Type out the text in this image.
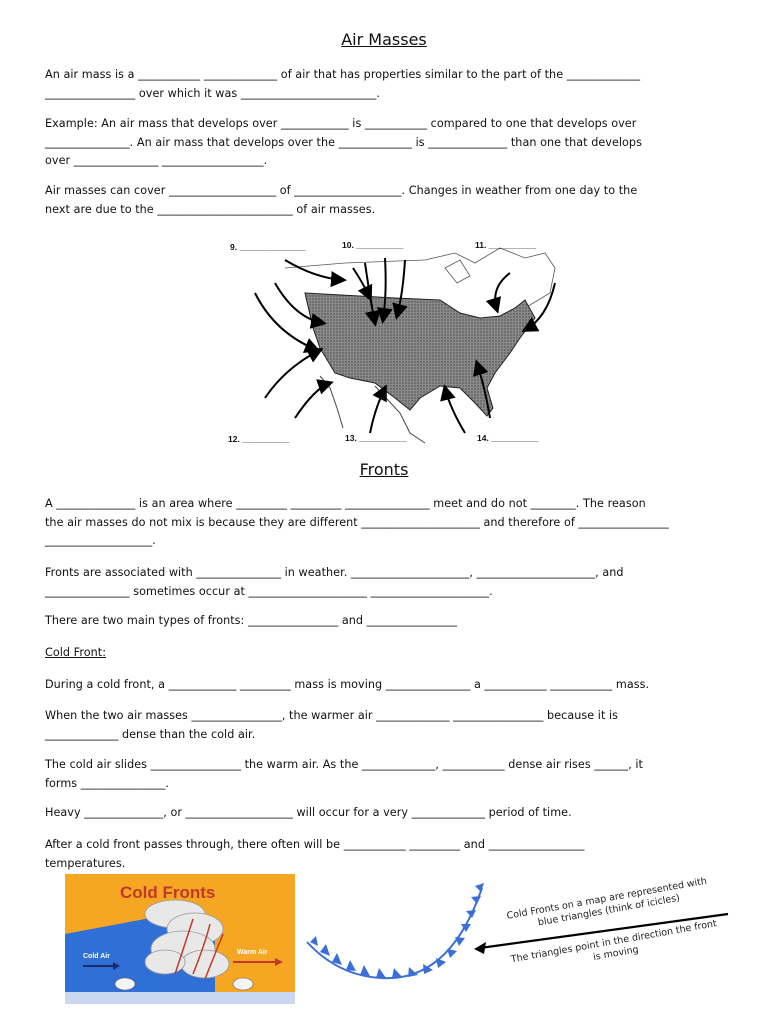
Air Masses
An air mass is a ___________ _____________ of air that has properties similar to the part of the _____________
________________ over which it was ________________________.
Example: An air mass that develops over ____________ is ___________ compared to one that develops over
_______________. An air mass that develops over the _____________ is ______________ than one that develops
over _______________ __________________.
Air masses can cover ___________________ of ___________________. Changes in weather from one day to the
next are due to the ________________________ of air masses.
9. ______________	10. __________	11. __________
12. __________	13. __________	14. __________
Fronts
A ______________ is an area where _________ _________ _______________ meet and do not ________. The reason
the air masses do not mix is because they are different _____________________ and therefore of ________________
___________________.
Fronts are associated with _______________ in weather. _____________________, _____________________, and
_______________ sometimes occur at _____________________ _____________________.
There are two main types of fronts: ________________ and ________________
Cold Front:
During a cold front, a ____________ _________ mass is moving _______________ a ___________ ___________ mass.
When the two air masses ________________, the warmer air _____________ ________________ because it is
_____________ dense than the cold air.
The cold air slides ________________ the warm air. As the _____________, ___________ dense air rises ______, it
forms _______________.
Heavy ______________, or ___________________ will occur for a very _____________ period of time.
After a cold front passes through, there often will be ___________ _________ and _________________
temperatures.
Cold Fronts
Cold Air
Warm Air
Cold Fronts on a map are represented with blue triangles (think of icicles)
The triangles point in the direction the front is moving
